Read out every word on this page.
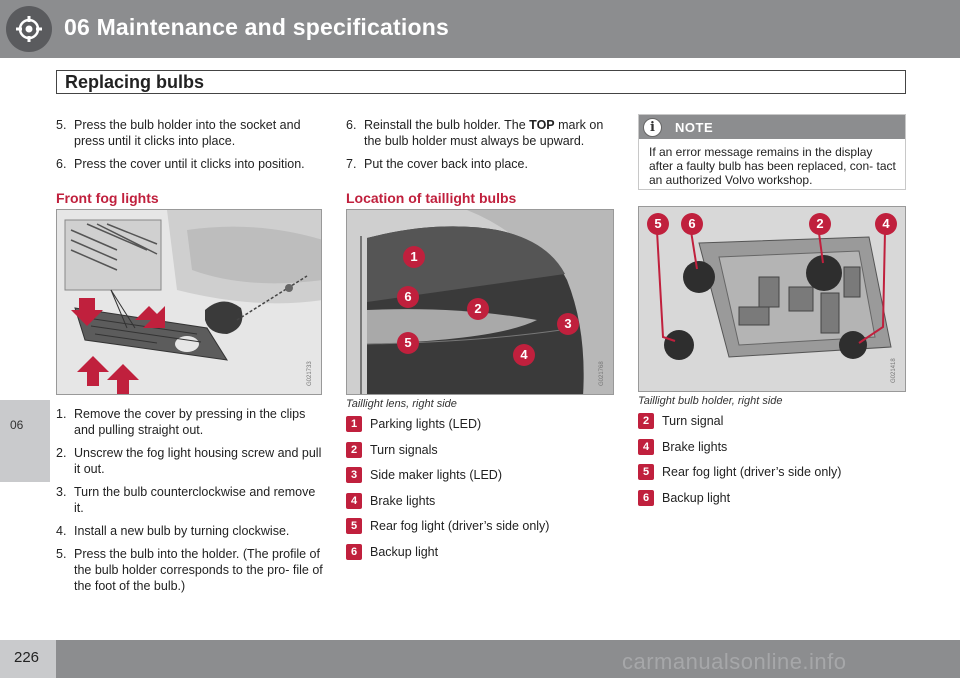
06 Maintenance and specifications
Replacing bulbs
06
5. Press the bulb holder into the socket and press until it clicks into place.
6. Press the cover until it clicks into position.
Front fog lights
G021733
1. Remove the cover by pressing in the clips and pulling straight out.
2. Unscrew the fog light housing screw and pull it out.
3. Turn the bulb counterclockwise and remove it.
4. Install a new bulb by turning clockwise.
5. Press the bulb into the holder. (The profile of the bulb holder corresponds to the pro- file of the foot of the bulb.)
6. Reinstall the bulb holder. The TOP mark on the bulb holder must always be upward.
7. Put the cover back into place.
Location of taillight bulbs
1
6
2
3
5
4
G021768
Taillight lens, right side
1	Parking lights (LED)
2	Turn signals
3	Side maker lights (LED)
4	Brake lights
5	Rear fog light (driver’s side only)
6	Backup light
i	NOTE
If an error message remains in the display after a faulty bulb has been replaced, con- tact an authorized Volvo workshop.
5	6	2	4
G021418
Taillight bulb holder, right side
2	Turn signal
4	Brake lights
5	Rear fog light (driver’s side only)
6	Backup light
226	carmanualsonline.info
